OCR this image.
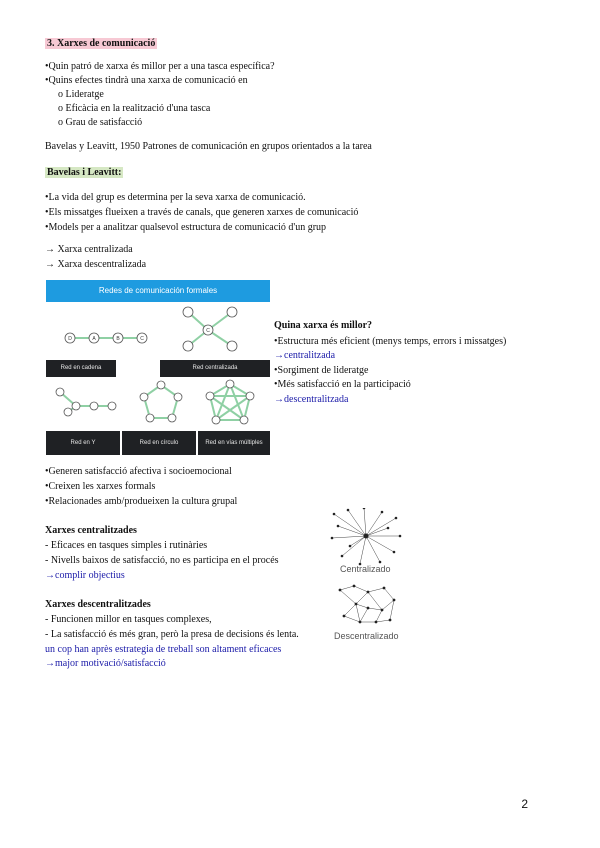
3. Xarxes de comunicació
• Quin patró de xarxa és millor per a una tasca específica?
• Quins efectes tindrà una xarxa de comunicació en
o Lideratge
o Eficàcia en la realització d'una tasca
o Grau de satisfacció
Bavelas y Leavitt, 1950 Patrones de comunicación en grupos orientados a la tarea
Bavelas i Leavitt:
• La vida del grup es determina per la seva xarxa de comunicació.
• Els missatges flueixen a través de canals, que generen xarxes de comunicació
• Models per a analitzar qualsevol estructura de comunicació d'un grup
→ Xarxa centralizada
→ Xarxa descentralizada
Redes de comunicación formales
D	A	B	C
C
Red en cadena	Red centralizada
Red en Y	Red en círculo	Red en vías múltiples
Quina xarxa és millor?
• Estructura més eficient (menys temps, errors i missatges)
→centralitzada
• Sorgiment de lideratge
• Més satisfacció en la participació
→descentralitzada
• Generen satisfacció afectiva i socioemocional
• Creixen les xarxes formals
• Relacionades amb/produeixen la cultura grupal
Xarxes centralitzades
- Eficaces en tasques simples i rutinàries
- Nivells baixos de satisfacció, no es participa en el procés
→complir objectius
Xarxes descentralitzades
- Funcionen millor en tasques complexes,
- La satisfacció és més gran, però la presa de decisions és lenta.
un cop han après estrategia de treball son altament eficaces
→major motivació/satisfacció
Centralizado
Descentralizado
2
